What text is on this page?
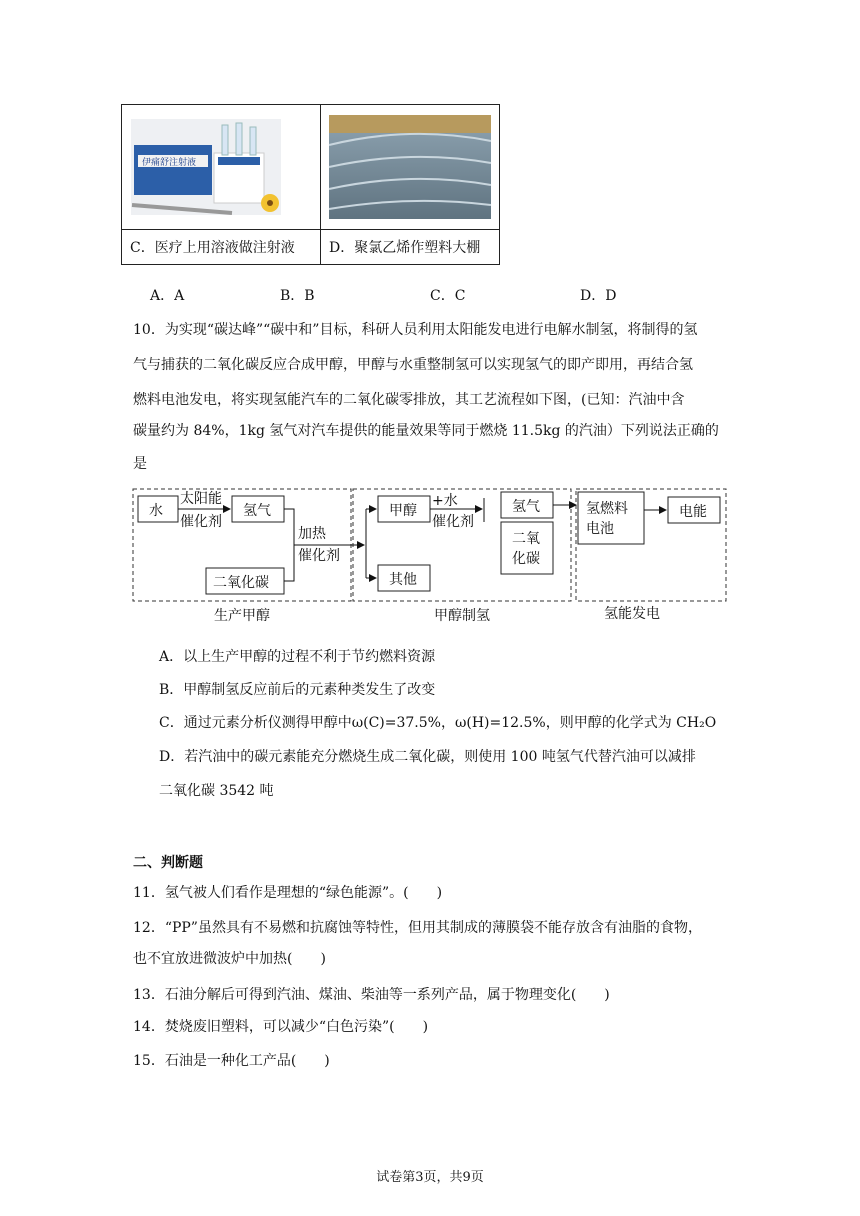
伊痛舒注射液

C．医疗上用溶液做注射液	D．聚氯乙烯作塑料大棚
A．A	B．B	C．C	D．D
10．为实现“碳达峰”“碳中和”目标，科研人员利用太阳能发电进行电解水制氢，将制得的氢
气与捕获的二氧化碳反应合成甲醇，甲醇与水重整制氢可以实现氢气的即产即用，再结合氢
燃料电池发电，将实现氢能汽车的二氧化碳零排放，其工艺流程如下图，(已知：汽油中含
碳量约为 84%，1kg 氢气对汽车提供的能量效果等同于燃烧 11.5kg 的汽油）下列说法正确的
是
水
太阳能
催化剂
氢气
二氧化碳
加热
催化剂
甲醇
其他
+水
催化剂
氢气
二氧
化碳
氢燃料
电池
电能
生产甲醇	甲醇制氢	氢能发电
A．以上生产甲醇的过程不利于节约燃料资源
B．甲醇制氢反应前后的元素种类发生了改变
C．通过元素分析仪测得甲醇中ω(C)=37.5%，ω(H)=12.5%，则甲醇的化学式为 CH₂O
D．若汽油中的碳元素能充分燃烧生成二氧化碳，则使用 100 吨氢气代替汽油可以减排
二氧化碳 3542 吨
二、判断题
11．氢气被人们看作是理想的“绿色能源”。(　　)
12．“PP”虽然具有不易燃和抗腐蚀等特性，但用其制成的薄膜袋不能存放含有油脂的食物，
也不宜放进微波炉中加热(　　)
13．石油分解后可得到汽油、煤油、柴油等一系列产品，属于物理变化(　　)
14．焚烧废旧塑料，可以减少“白色污染”(　　)
15．石油是一种化工产品(　　)
试卷第3页，共9页
